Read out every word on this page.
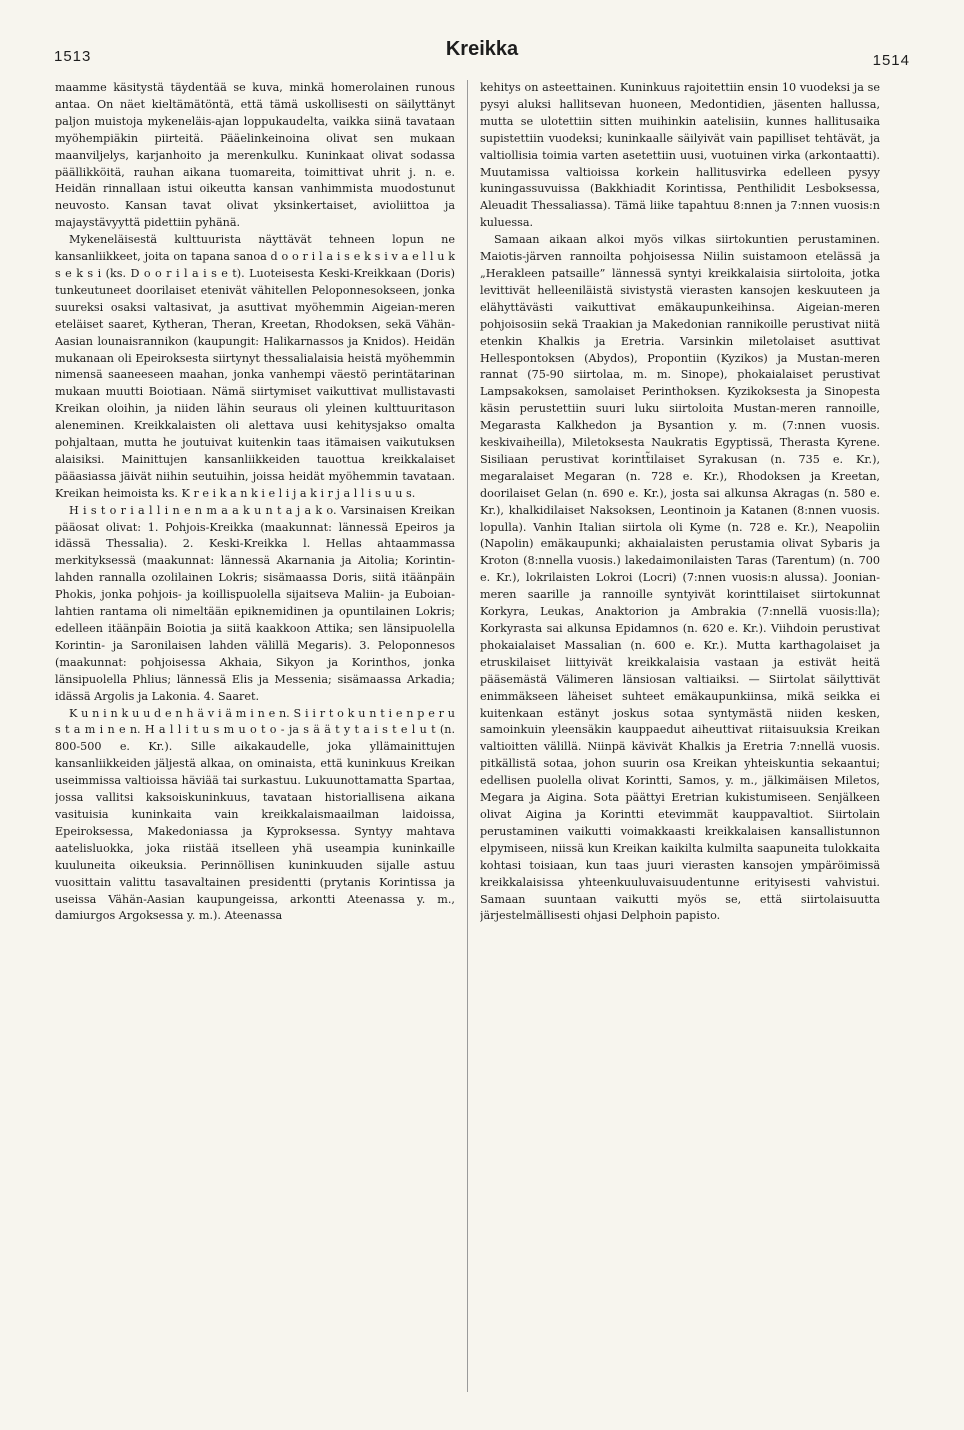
1513	Kreikka
1514

maamme käsitystä täydentää se kuva, minkä homerolainen runous antaa. On näet kieltämätöntä, että tämä uskollisesti on säilyttänyt paljon muistoja mykeneläis-ajan loppukaudelta, vaikka siinä tavataan myöhempiäkin piirteitä. Pääelinkeinoina olivat sen mukaan maanviljelys, karjanhoito ja merenkulku. Kuninkaat olivat sodassa päällikköitä, rauhan aikana tuomareita, toimittivat uhrit j. n. e. Heidän rinnallaan istui oikeutta kansan vanhimmista muodostunut neuvosto. Kansan tavat olivat yksinkertaiset, avioliittoa ja majaystävyyttä pidettiin pyhänä.

Mykeneläisestä kulttuurista näyttävät tehneen lopun ne kansanliikkeet, joita on tapana sanoa d o o r i l a i s e k s i v a e l l u k s e k s i (ks. D o o r i l a i s e t). Luoteisesta Keski-Kreikkaan (Doris) tunkeutuneet doorilaiset etenivät vähitellen Peloponnesokseen, jonka suureksi osaksi valtasivat, ja asuttivat myöhemmin Aigeian-meren eteläiset saaret, Kytheran, Theran, Kreetan, Rhodoksen, sekä Vähän-Aasian lounaisrannikon (kaupungit: Halikarnassos ja Knidos). Heidän mukanaan oli Epeiroksesta siirtynyt thessalialaisia heistä myöhemmin nimensä saaneeseen maahan, jonka vanhempi väestö perintätarinan mukaan muutti Boiotiaan. Nämä siirtymiset vaikuttivat mullistavasti Kreikan oloihin, ja niiden lähin seuraus oli yleinen kulttuuritason aleneminen. Kreikkalaisten oli alettava uusi kehitysjakso omalta pohjaltaan, mutta he joutuivat kuitenkin taas itämaisen vaikutuksen alaisiksi. Mainittujen kansanliikkeiden tauottua kreikkalaiset pääasiassa jäivät niihin seutuihin, joissa heidät myöhemmin tavataan. Kreikan heimoista ks. K r e i k a n k i e l i j a k i r j a l l i s u u s.

H i s t o r i a l l i n e n m a a k u n t a j a k o. Varsinaisen Kreikan pääosat olivat: 1. Pohjois-Kreikka (maakunnat: lännessä Epeiros ja idässä Thessalia). 2. Keski-Kreikka l. Hellas ahtaammassa merkityksessä (maakunnat: lännessä Akarnania ja Aitolia; Korintin-lahden rannalla ozolilainen Lokris; sisämaassa Doris, siitä itäänpäin Phokis, jonka pohjois- ja koillispuolella sijaitseva Maliin- ja Euboian-lahtien rantama oli nimeltään epiknemidinen ja opuntilainen Lokris; edelleen itäänpäin Boiotia ja siitä kaakkoon Attika; sen länsipuolella Korintin- ja Saronilaisen lahden välillä Megaris). 3. Peloponnesos (maakunnat: pohjoisessa Akhaia, Sikyon ja Korinthos, jonka länsipuolella Phlius; lännessä Elis ja Messenia; sisämaassa Arkadia; idässä Argolis ja Lakonia. 4. Saaret.

K u n i n k u u d e n h ä v i ä m i n e n. S i i r t o k u n t i e n p e r u s t a m i n e n. H a l l i t u s m u o t o - ja s ä ä t y t a i s t e l u t (n. 800-500 e. Kr.). Sille aikakaudelle, joka yllämainittujen kansanliikkeiden jäljestä alkaa, on ominaista, että kuninkuus Kreikan useimmissa valtioissa häviää tai surkastuu. Lukuunottamatta Spartaa, jossa vallitsi kaksoiskuninkuus, tavataan historiallisena aikana vasituisia kuninkaita vain kreikkalaismaailman laidoissa, Epeiroksessa, Makedoniassa ja Kyproksessa. Syntyy mahtava aatelisluokka, joka riistää itselleen yhä useampia kuninkaille kuuluneita oikeuksia. Perinnöllisen kuninkuuden sijalle astuu vuosittain valittu tasavaltainen presidentti (prytanis Korintissa ja useissa Vähän-Aasian kaupungeissa, arkontti Ateenassa y. m., damiurgos Argoksessa y. m.). Ateenassa

kehitys on asteettainen. Kuninkuus rajoitettiin ensin 10 vuodeksi ja se pysyi aluksi hallitsevan huoneen, Medontidien, jäsenten hallussa, mutta se ulotettiin sitten muihinkin aatelisiin, kunnes hallitusaika supistettiin vuodeksi; kuninkaalle säilyivät vain papilliset tehtävät, ja valtiollisia toimia varten asetettiin uusi, vuotuinen virka (arkontaatti). Muutamissa valtioissa korkein hallitusvirka edelleen pysyy kuningassuvuissa (Bakkhiadit Korintissa, Penthilidit Lesboksessa, Aleuadit Thessaliassa). Tämä liike tapahtuu 8:nnen ja 7:nnen vuosis:n kuluessa.

Samaan aikaan alkoi myös vilkas siirtokuntien perustaminen. Maiotis-järven rannoilta pohjoisessa Niilin suistamoon etelässä ja „Herakleen patsaille” lännessä syntyi kreikkalaisia siirtoloita, jotka levittivät helleeniläistä sivistystä vierasten kansojen keskuuteen ja elähyttävästi vaikuttivat emäkaupunkeihinsa. Aigeian-meren pohjoisosiin sekä Traakian ja Makedonian rannikoille perustivat niitä etenkin Khalkis ja Eretria. Varsinkin miletolaiset asuttivat Hellespontoksen (Abydos), Propontiin (Kyzikos) ja Mustan-meren rannat (75-90 siirtolaa, m. m. Sinope), phokaialaiset perustivat Lampsakoksen, samolaiset Perinthoksen. Kyzikoksesta ja Sinopesta käsin perustettiin suuri luku siirtoloita Mustan-meren rannoille, Megarasta Kalkhedon ja Bysantion y. m. (7:nnen vuosis. keskivaiheilla), Miletoksesta Naukratis Egyptissä, Therasta Kyrene. Sisiliaan perustivat korintt̃ilaiset Syrakusan (n. 735 e. Kr.), megaralaiset Megaran (n. 728 e. Kr.), Rhodoksen ja Kreetan, doorilaiset Gelan (n. 690 e. Kr.), josta sai alkunsa Akragas (n. 580 e. Kr.), khalkidilaiset Naksoksen, Leontinoin ja Katanen (8:nnen vuosis. lopulla). Vanhin Italian siirtola oli Kyme (n. 728 e. Kr.), Neapoliin (Napolin) emäkaupunki; akhaialaisten perustamia olivat Sybaris ja Kroton (8:nnella vuosis.) lakedaimonilaisten Taras (Tarentum) (n. 700 e. Kr.), lokrilaisten Lokroi (Locri) (7:nnen vuosis:n alussa). Joonian-meren saarille ja rannoille syntyivät korinttilaiset siirtokunnat Korkyra, Leukas, Anaktorion ja Ambrakia (7:nnellä vuosis:lla); Korkyrasta sai alkunsa Epidamnos (n. 620 e. Kr.). Viihdoin perustivat phokaialaiset Massalian (n. 600 e. Kr.). Mutta karthagolaiset ja etruskilaiset liittyivät kreikkalaisia vastaan ja estivät heitä pääsemästä Välimeren länsiosan valtiaiksi. — Siirtolat säilyttivät enimmäkseen läheiset suhteet emäkaupunkiinsa, mikä seikka ei kuitenkaan estänyt joskus sotaa syntymästä niiden kesken, samoinkuin yleensäkin kauppaedut aiheuttivat riitaisuuksia Kreikan valtioitten välillä. Niinpä kävivät Khalkis ja Eretria 7:nnellä vuosis. pitkällistä sotaa, johon suurin osa Kreikan yhteiskuntia sekaantui; edellisen puolella olivat Korintti, Samos, y. m., jälkimäisen Miletos, Megara ja Aigina. Sota päättyi Eretrian kukistumiseen. Senjälkeen olivat Aigina ja Korintti etevimmät kauppavaltiot. Siirtolain perustaminen vaikutti voimakkaasti kreikkalaisen kansallistunnon elpymiseen, niissä kun Kreikan kaikilta kulmilta saapuneita tulokkaita kohtasi toisiaan, kun taas juuri vierasten kansojen ympäröimissä kreikkalaisissa yhteenkuuluvaisuudentunne erityisesti vahvistui. Samaan suuntaan vaikutti myös se, että siirtolaisuutta järjestelmällisesti ohjasi Delphoin papisto.
